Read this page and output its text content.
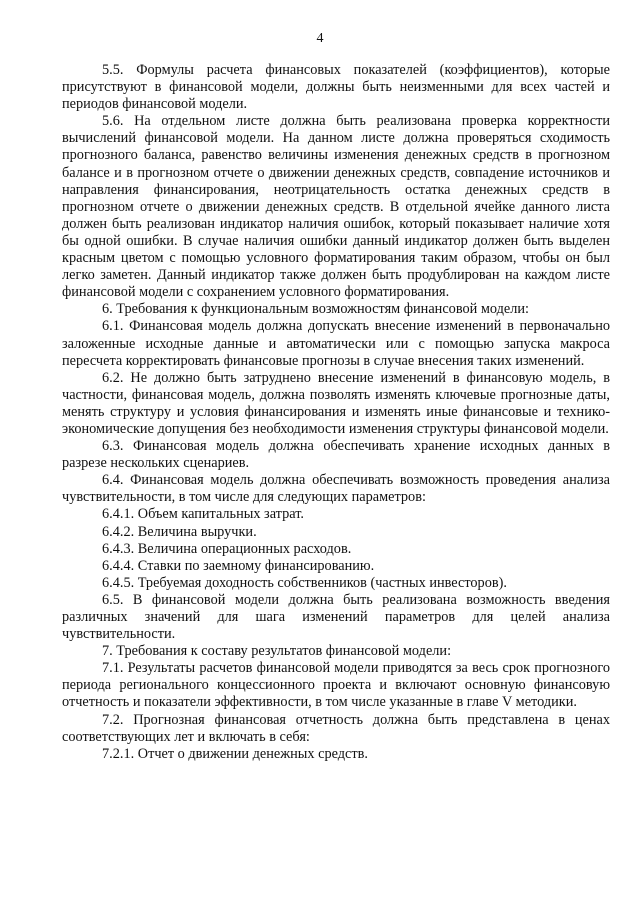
4

5.5. Формулы расчета финансовых показателей (коэффициентов), которые присутствуют в финансовой модели, должны быть неизменными для всех частей и периодов финансовой модели.

5.6. На отдельном листе должна быть реализована проверка корректности вычислений финансовой модели. На данном листе должна проверяться сходимость прогнозного баланса, равенство величины изменения денежных средств в прогнозном балансе и в прогнозном отчете о движении денежных средств, совпадение источников и направления финансирования, неотрицательность остатка денежных средств в прогнозном отчете о движении денежных средств. В отдельной ячейке данного листа должен быть реализован индикатор наличия ошибок, который показывает наличие хотя бы одной ошибки. В случае наличия ошибки данный индикатор должен быть выделен красным цветом с помощью условного форматирования таким образом, чтобы он был легко заметен. Данный индикатор также должен быть продублирован на каждом листе финансовой модели с сохранением условного форматирования.

6. Требования к функциональным возможностям финансовой модели:

6.1. Финансовая модель должна допускать внесение изменений в первоначально заложенные исходные данные и автоматически или с помощью запуска макроса пересчета корректировать финансовые прогнозы в случае внесения таких изменений.

6.2. Не должно быть затруднено внесение изменений в финансовую модель, в частности, финансовая модель, должна позволять изменять ключевые прогнозные даты, менять структуру и условия финансирования и изменять иные финансовые и технико-экономические допущения без необходимости изменения структуры финансовой модели.

6.3. Финансовая модель должна обеспечивать хранение исходных данных в разрезе нескольких сценариев.

6.4. Финансовая модель должна обеспечивать возможность проведения анализа чувствительности, в том числе для следующих параметров:

6.4.1. Объем капитальных затрат.

6.4.2. Величина выручки.

6.4.3. Величина операционных расходов.

6.4.4. Ставки по заемному финансированию.

6.4.5. Требуемая доходность собственников (частных инвесторов).

6.5. В финансовой модели должна быть реализована возможность введения различных значений для шага изменений параметров для целей анализа чувствительности.

7. Требования к составу результатов финансовой модели:

7.1. Результаты расчетов финансовой модели приводятся за весь срок прогнозного периода регионального концессионного проекта и включают основную финансовую отчетность и показатели эффективности, в том числе указанные в главе V методики.

7.2. Прогнозная финансовая отчетность должна быть представлена в ценах соответствующих лет и включать в себя:

7.2.1. Отчет о движении денежных средств.
